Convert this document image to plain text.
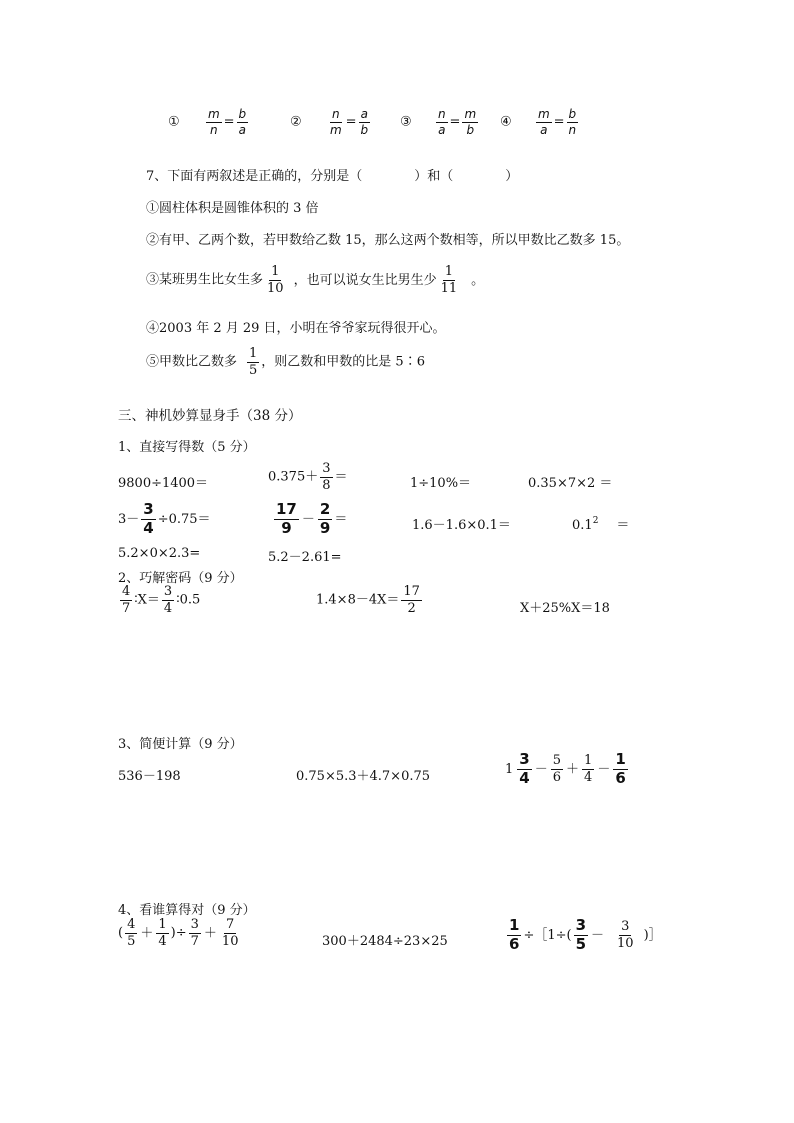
① $\frac{m}{n} = \frac{b}{a}$	② $\frac{n}{m} = \frac{a}{b}$ ③ $\frac{n}{a} = \frac{m}{b}$ ④ $\frac{m}{a} = \frac{b}{n}$
7、下面有两叙述是正确的，分别是（　　　　）和（　　　　）
①圆柱体积是圆锥体积的 3 倍
②有甲、乙两个数，若甲数给乙数 15，那么这两个数相等，所以甲数比乙数多 15。
③某班男生比女生多 $\frac{1}{10}$ ，也可以说女生比男生少 $\frac{1}{11}$ 。
④2003 年 2 月 29 日，小明在爷爷家玩得很开心。
⑤甲数比乙数多 $\frac{1}{5}$ ，则乙数和甲数的比是 5∶6
三、神机妙算显身手（38 分）
1、直接写得数（5 分）
9800÷1400＝	$0.375+ \frac{3}{8}$ ＝	1÷10%＝	0.35×7×2 ＝
$3- \frac{3}{4} \div 0.75=$	$\frac{17}{9} - \frac{2}{9}$ ＝	1.6－1.6×0.1＝	$0.1^2$ ＝
5.2×0×2.3=	5.2－2.61=
2、巧解密码（9 分）
$\frac{4}{7}$ ∶X＝ $\frac{3}{4}$ ∶0.5	$1.4\times 8-4X= \frac{17}{2}$	X＋25%X＝18
3、简便计算（9 分）
536－198	0.75×5.3＋4.7×0.75	$1 \frac{3}{4} - \frac{5}{6} + \frac{1}{4} - \frac{1}{6}$
4、看谁算得对（9 分）
( $\frac{4}{5} + \frac{1}{4}$ )÷ $\frac{3}{7} + \frac{7}{10}$	300＋2484÷23×25	$\frac{1}{6}$ ÷［1÷( $\frac{3}{5} - \frac{3}{10}$ )］
